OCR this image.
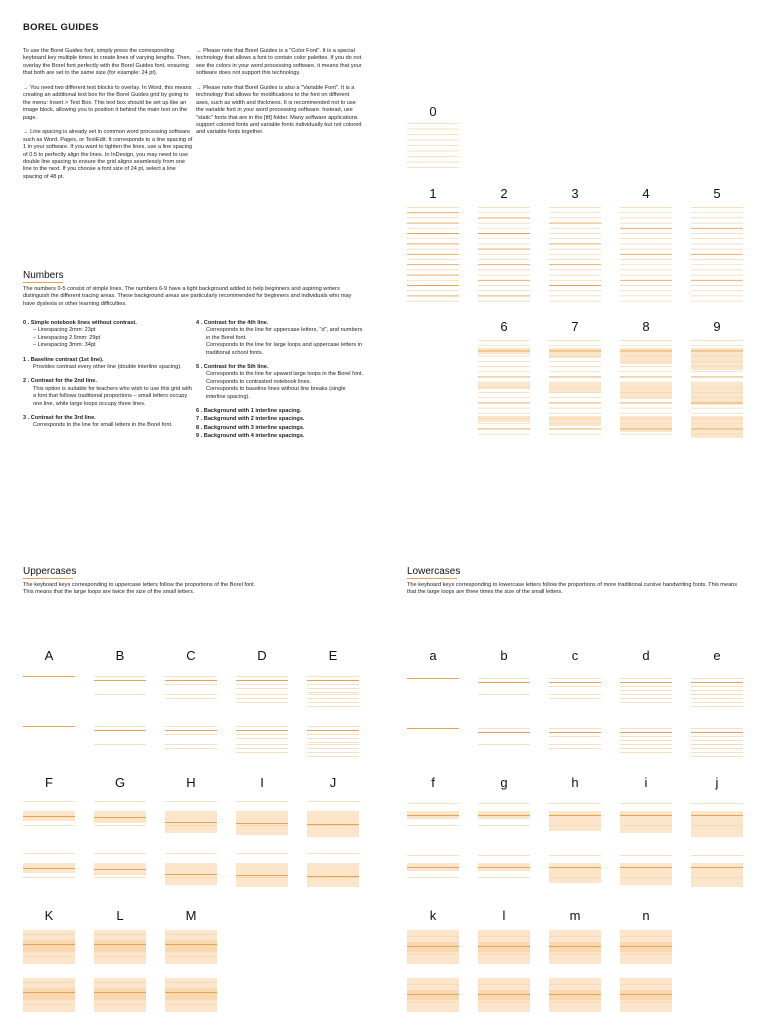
BOREL GUIDES

To use the Borel Guides font, simply press the corresponding keyboard key multiple times to create lines of varying lengths. Then, overlay the Borel font perfectly with the Borel Guides font, ensuring that both are set to the same size (for example: 24 pt).

→ You need two different text blocks to overlay. In Word, this means creating an additional text box for the Borel Guides grid by going to the menu: Insert > Text Box. This text box should be set up like an image block, allowing you to position it behind the main text on the page.

→ Line spacing is already set in common word processing software such as Word, Pages, or TextEdit. It corresponds to a line spacing of 1 in your software. If you want to tighten the lines, use a line spacing of 0.5 to perfectly align the lines. In InDesign, you may need to use double line spacing to ensure the grid aligns seamlessly from one line to the next. If you choose a font size of 24 pt, select a line spacing of 48 pt.

→ Please note that Borel Guides is a "Color Font". It is a special technology that allows a font to contain color palettes. If you do not see the colors in your word processing software, it means that your software does not support this technology.

→ Please note that Borel Guides is also a "Variable Font". It is a technology that allows for modifications to the font on different axes, such as width and thickness. It is recommended not to use the variable font in your word processing software. Instead, use "static" fonts that are in the [ttf] folder. Many software applications support colored fonts and variable fonts individually but not colored and variable fonts together.

Numbers
The numbers 0-5 consist of simple lines. The numbers 6-9 have a light background added to help beginners and aspiring writers distinguish the different tracing areas. These background areas are particularly recommended for beginners and individuals who may have dyslexia or other learning difficulties.
0 . Simple notebook lines without contrast.
– Linespacing 2mm: 23pt
– Linespacing 2.5mm: 29pt
– Linespacing 3mm: 34pt
1 . Baseline contrast (1st line).
Provides contrast every other line (double interline spacing).
2 . Contrast for the 2nd line.
This option is suitable for teachers who wish to use this grid with a font that follows traditional proportions – small letters occupy one line, while large loops occupy three lines.
3 . Contrast for the 3rd line.
Corresponds to the line for small letters in the Borel font.
4 . Contrast for the 4th line.
Corresponds to the line for uppercase letters, "d", and numbers in the Borel font.
Corresponds to the line for large loops and uppercase letters in traditional school fonts.
5 . Contrast for the 5th line.
Corresponds to the line for upward large loops in the Borel font.
Corresponds to contrasted notebook lines.
Corresponds to baseline lines without line breaks (single interline spacing).
6 . Background with 1 interline spacing.
7 . Background with 2 interline spacings.
8 . Background with 3 interline spacings.
9 . Background with 4 interline spacings.
Uppercases
The keyboard keys corresponding to uppercase letters follow the proportions of the Borel font.
This means that the large loops are twice the size of the small letters.
Lowercases
The keyboard keys corresponding to lowercase letters follow the proportions of more traditional cursive handwriting fonts. This means that the large loops are three times the size of the small letters.
0
1	2	3	4	5
6	7	8	9
A	B	C	D	E
F	G	H	I	J
K	L	M
a	b	c	d	e
f	g	h	i	j
k	l	m	n
